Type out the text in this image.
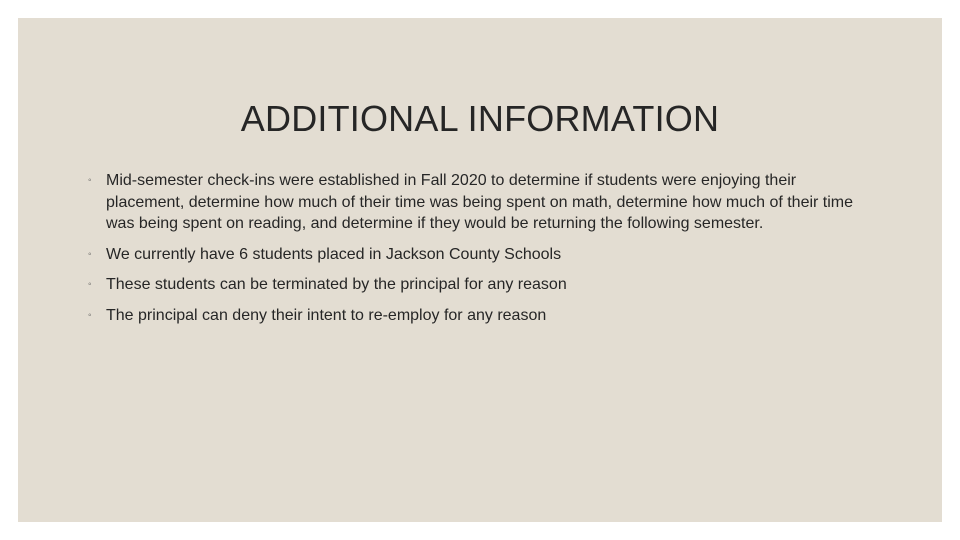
ADDITIONAL INFORMATION
◦ Mid-semester check-ins were established in Fall 2020 to determine if students were enjoying their placement, determine how much of their time was being spent on math, determine how much of their time was being spent on reading, and determine if they would be returning the following semester.
◦ We currently have 6 students placed in Jackson County Schools
◦ These students can be terminated by the principal for any reason
◦ The principal can deny their intent to re-employ for any reason
